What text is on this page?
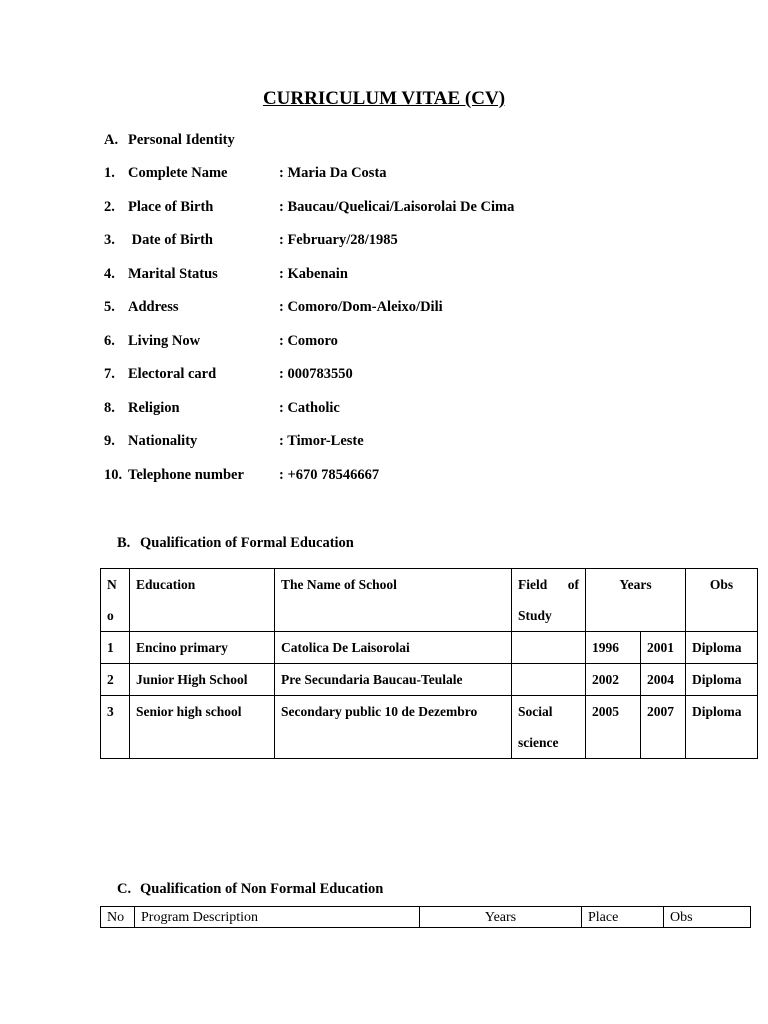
CURRICULUM VITAE (CV)
A. Personal Identity
1. Complete Name	: Maria Da Costa
2. Place of Birth	: Baucau/Quelicai/Laisorolai De Cima
3. Date of Birth	: February/28/1985
4. Marital Status	: Kabenain
5. Address	: Comoro/Dom-Aleixo/Dili
6. Living Now	: Comoro
7. Electoral card	: 000783550
8. Religion	: Catholic
9. Nationality	: Timor-Leste
10. Telephone number : +670 78546667
B. Qualification of Formal Education
N o	Education	The Name of School	Field of Study	Years		Obs
1	Encino primary	Catolica De Laisorolai		1996	2001	Diploma
2	Junior High School	Pre Secundaria Baucau-Teulale		2002	2004	Diploma
3	Senior high school	Secondary public 10 de Dezembro	Social science	2005	2007	Diploma
C. Qualification of Non Formal Education
No	Program Description	Years	Place	Obs
